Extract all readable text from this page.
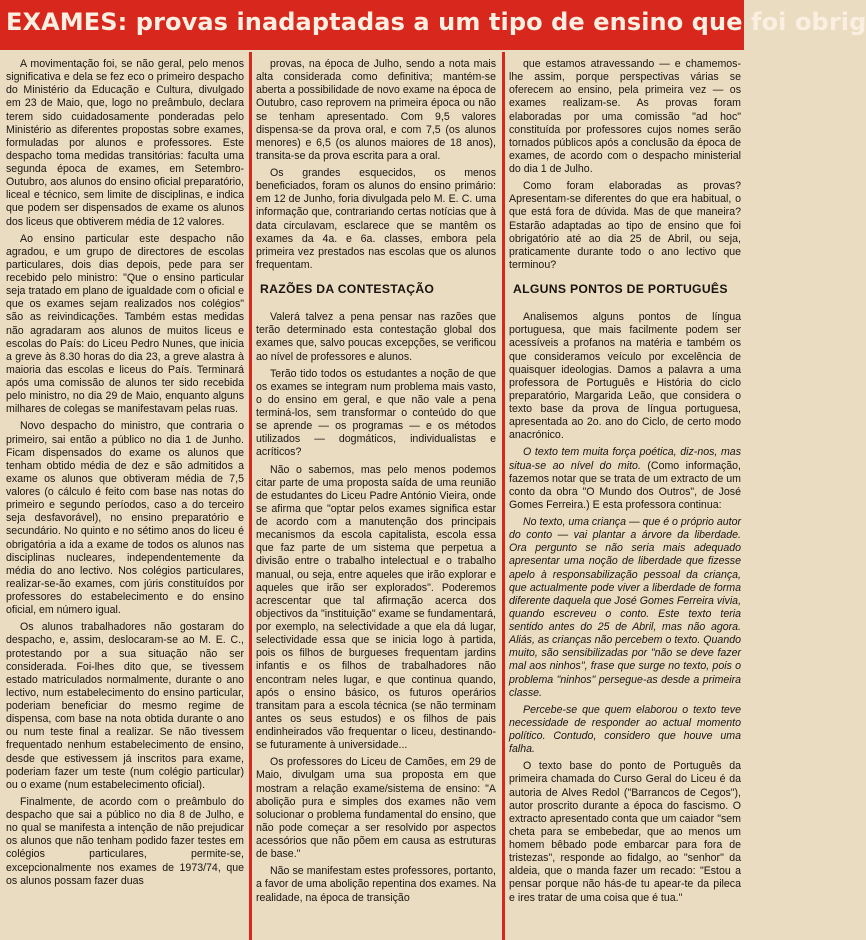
EXAMES: provas inadaptadas a um tipo de ensino que foi obrig

A movimentação foi, se não geral, pelo menos significativa e dela se fez eco o primeiro despacho do Ministério da Educação e Cultura, divulgado em 23 de Maio, que, logo no preâmbulo, declara terem sido cuidadosamente ponderadas pelo Ministério as diferentes propostas sobre exames, formuladas por alunos e professores. Este despacho toma medidas transitórias: faculta uma segunda época de exames, em Setembro-Outubro, aos alunos do ensino oficial preparatório, liceal e técnico, sem limite de disciplinas, e indica que podem ser dispensados de exame os alunos dos liceus que obtiverem média de 12 valores.

Ao ensino particular este despacho não agradou, e um grupo de directores de escolas particulares, dois dias depois, pede para ser recebido pelo ministro: "Que o ensino particular seja tratado em plano de igualdade com o oficial e que os exames sejam realizados nos colégios" são as reivindicações. Também estas medidas não agradaram aos alunos de muitos liceus e escolas do País: do Liceu Pedro Nunes, que inicia a greve às 8.30 horas do dia 23, a greve alastra à maioria das escolas e liceus do País. Terminará após uma comissão de alunos ter sido recebida pelo ministro, no dia 29 de Maio, enquanto alguns milhares de colegas se manifestavam pelas ruas.

Novo despacho do ministro, que contraria o primeiro, sai então a público no dia 1 de Junho. Ficam dispensados do exame os alunos que tenham obtido média de dez e são admitidos a exame os alunos que obtiveram média de 7,5 valores (o cálculo é feito com base nas notas do primeiro e segundo períodos, caso a do terceiro seja desfavorável), no ensino preparatório e secundário. No quinto e no sétimo anos do liceu é obrigatória a ida a exame de todos os alunos nas disciplinas nucleares, independentemente da média do ano lectivo. Nos colégios particulares, realizar-se-ão exames, com júris constituídos por professores do estabelecimento e do ensino oficial, em número igual.

Os alunos trabalhadores não gostaram do despacho, e, assim, deslocaram-se ao M. E. C., protestando por a sua situação não ser considerada. Foi-lhes dito que, se tivessem estado matriculados normalmente, durante o ano lectivo, num estabelecimento do ensino particular, poderiam beneficiar do mesmo regime de dispensa, com base na nota obtida durante o ano ou num teste final a realizar. Se não tivessem frequentado nenhum estabelecimento de ensino, desde que estivessem já inscritos para exame, poderiam fazer um teste (num colégio particular) ou o exame (num estabelecimento oficial).

Finalmente, de acordo com o preâmbulo do despacho que sai a público no dia 8 de Julho, e no qual se manifesta a intenção de não prejudicar os alunos que não tenham podido fazer testes em colégios particulares, permite-se, excepcionalmente nos exames de 1973/74, que os alunos possam fazer duas

provas, na época de Julho, sendo a nota mais alta considerada como definitiva; mantém-se aberta a possibilidade de novo exame na época de Outubro, caso reprovem na primeira época ou não se tenham apresentado. Com 9,5 valores dispensa-se da prova oral, e com 7,5 (os alunos menores) e 6,5 (os alunos maiores de 18 anos), transita-se da prova escrita para a oral.

Os grandes esquecidos, os menos beneficiados, foram os alunos do ensino primário: em 12 de Junho, foria divulgada pelo M. E. C. uma informação que, contrariando certas notícias que à data circulavam, esclarece que se mantêm os exames da 4a. e 6a. classes, embora pela primeira vez prestados nas escolas que os alunos frequentam.

RAZÕES DA CONTESTAÇÃO

Valerá talvez a pena pensar nas razões que terão determinado esta contestação global dos exames que, salvo poucas excepções, se verificou ao nível de professores e alunos.

Terão tido todos os estudantes a noção de que os exames se integram num problema mais vasto, o do ensino em geral, e que não vale a pena terminá-los, sem transformar o conteúdo do que se aprende — os programas — e os métodos utilizados — dogmáticos, individualistas e acríticos?

Não o sabemos, mas pelo menos podemos citar parte de uma proposta saída de uma reunião de estudantes do Liceu Padre António Vieira, onde se afirma que "optar pelos exames significa estar de acordo com a manutenção dos principais mecanismos da escola capitalista, escola essa que faz parte de um sistema que perpetua a divisão entre o trabalho intelectual e o trabalho manual, ou seja, entre aqueles que irão explorar e aqueles que irão ser explorados". Poderemos acrescentar que tal afirmação acerca dos objectivos da "instituição" exame se fundamentará, por exemplo, na selectividade a que ela dá lugar, selectividade essa que se inicia logo à partida, pois os filhos de burgueses frequentam jardins infantis e os filhos de trabalhadores não encontram neles lugar, e que continua quando, após o ensino básico, os futuros operários transitam para a escola técnica (se não terminam antes os seus estudos) e os filhos de pais endinheirados vão frequentar o liceu, destinando-se futuramente à universidade...

Os professores do Liceu de Camões, em 29 de Maio, divulgam uma sua proposta em que mostram a relação exame/sistema de ensino: "A abolição pura e simples dos exames não vem solucionar o problema fundamental do ensino, que não pode começar a ser resolvido por aspectos acessórios que não põem em causa as estruturas de base."

Não se manifestam estes professores, portanto, a favor de uma abolição repentina dos exames. Na realidade, na época de transição

que estamos atravessando — e chamemos-lhe assim, porque perspectivas várias se oferecem ao ensino, pela primeira vez — os exames realizam-se. As provas foram elaboradas por uma comissão "ad hoc" constituída por professores cujos nomes serão tornados públicos após a conclusão da época de exames, de acordo com o despacho ministerial do dia 1 de Julho.

Como foram elaboradas as provas? Apresentam-se diferentes do que era habitual, o que está fora de dúvida. Mas de que maneira? Estarão adaptadas ao tipo de ensino que foi obrigatório até ao dia 25 de Abril, ou seja, praticamente durante todo o ano lectivo que terminou?

ALGUNS PONTOS DE PORTUGUÊS

Analisemos alguns pontos de língua portuguesa, que mais facilmente podem ser acessíveis a profanos na matéria e também os que consideramos veículo por excelência de quaisquer ideologias. Damos a palavra a uma professora de Português e História do ciclo preparatório, Margarida Leão, que considera o texto base da prova de língua portuguesa, apresentada ao 2o. ano do Ciclo, de certo modo anacrónico.

O texto tem muita força poética, diz-nos, mas situa-se ao nível do mito. (Como informação, fazemos notar que se trata de um extracto de um conto da obra "O Mundo dos Outros", de José Gomes Ferreira.) E esta professora continua:

No texto, uma criança — que é o próprio autor do conto — vai plantar a árvore da liberdade. Ora pergunto se não seria mais adequado apresentar uma noção de liberdade que fizesse apelo à responsabilização pessoal da criança, que actualmente pode viver a liberdade de forma diferente daquela que José Gomes Ferreira vivia, quando escreveu o conto. Este texto teria sentido antes do 25 de Abril, mas não agora. Aliás, as crianças não percebem o texto. Quando muito, são sensibilizadas por "não se deve fazer mal aos ninhos", frase que surge no texto, pois o problema "ninhos" persegue-as desde a primeira classe.

Percebe-se que quem elaborou o texto teve necessidade de responder ao actual momento político. Contudo, considero que houve uma falha.

O texto base do ponto de Português da primeira chamada do Curso Geral do Liceu é da autoria de Alves Redol ("Barrancos de Cegos"), autor proscrito durante a época do fascismo. O extracto apresentado conta que um caiador "sem cheta para se embebedar, que ao menos um homem bêbado pode embarcar para fora de tristezas", responde ao fidalgo, ao "senhor" da aldeia, que o manda fazer um recado: "Estou a pensar porque não hás-de tu apear-te da pileca e ires tratar de uma coisa que é tua."
